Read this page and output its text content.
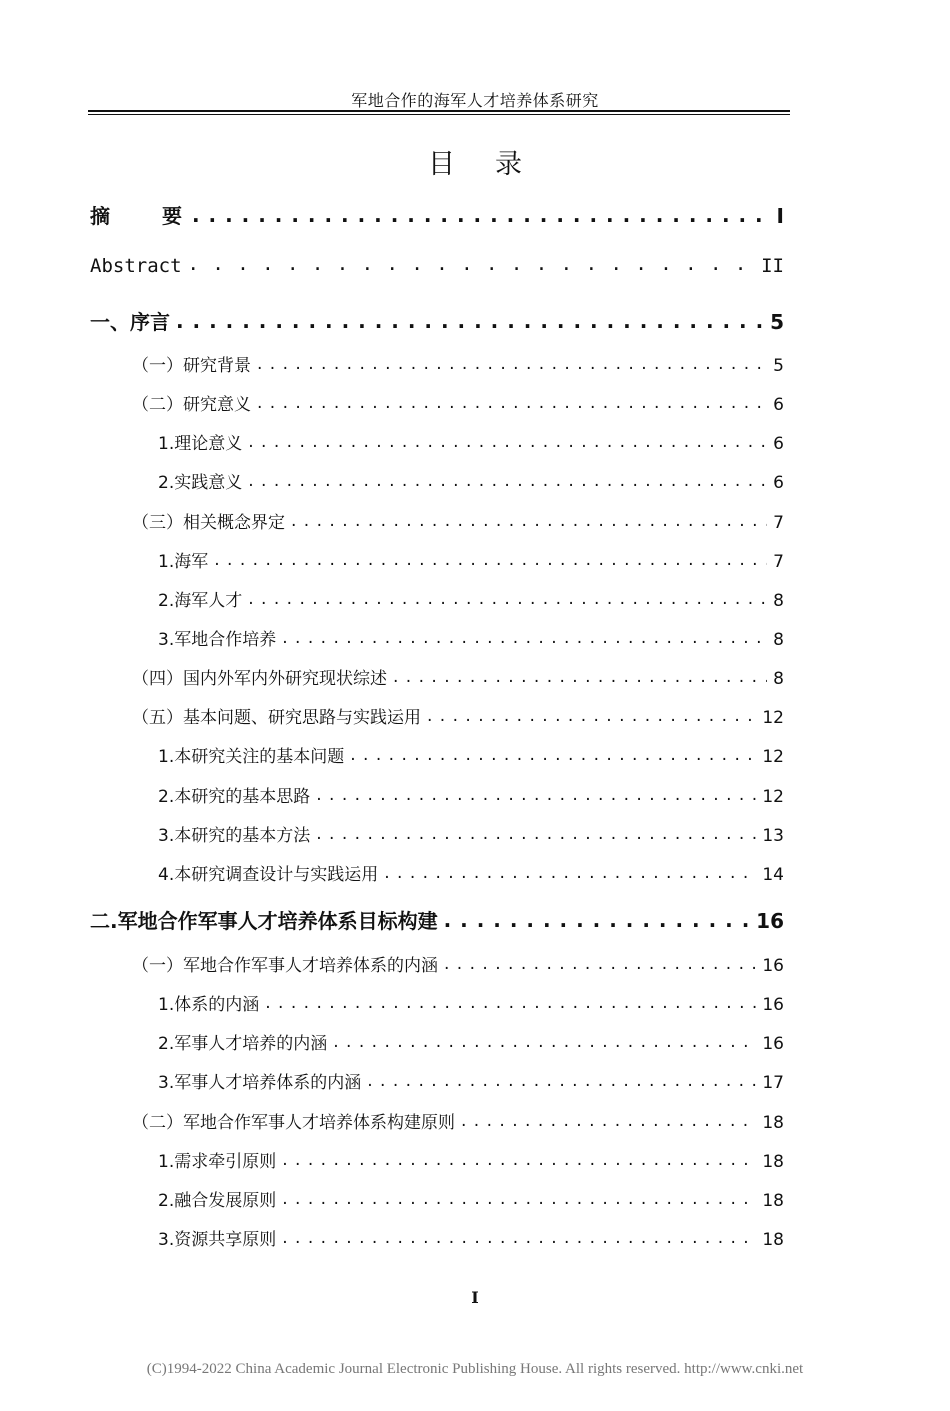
军地合作的海军人才培养体系研究
目录
摘　　要 . . .	I
Abstract . . .	II
一、序言 . . .	5
（一）研究背景 . . .	5
（二）研究意义 . . .	6
1.理论意义 . . .	6
2.实践意义 . . .	6
（三）相关概念界定 . . .	7
1.海军 . . .	7
2.海军人才 . . .	8
3.军地合作培养 . . .	8
（四）国内外军内外研究现状综述 . . .	8
（五）基本问题、研究思路与实践运用 . . .	12
1.本研究关注的基本问题 . . .	12
2.本研究的基本思路 . . .	12
3.本研究的基本方法 . . .	13
4.本研究调查设计与实践运用 . . .	14
二.军地合作军事人才培养体系目标构建 . . .	16
（一）军地合作军事人才培养体系的内涵 . . .	16
1.体系的内涵 . . .	16
2.军事人才培养的内涵 . . .	16
3.军事人才培养体系的内涵 . . .	17
（二）军地合作军事人才培养体系构建原则 . . .	18
1.需求牵引原则 . . .	18
2.融合发展原则 . . .	18
3.资源共享原则 . . .	18
I
(C)1994-2022 China Academic Journal Electronic Publishing House. All rights reserved. http://www.cnki.net
